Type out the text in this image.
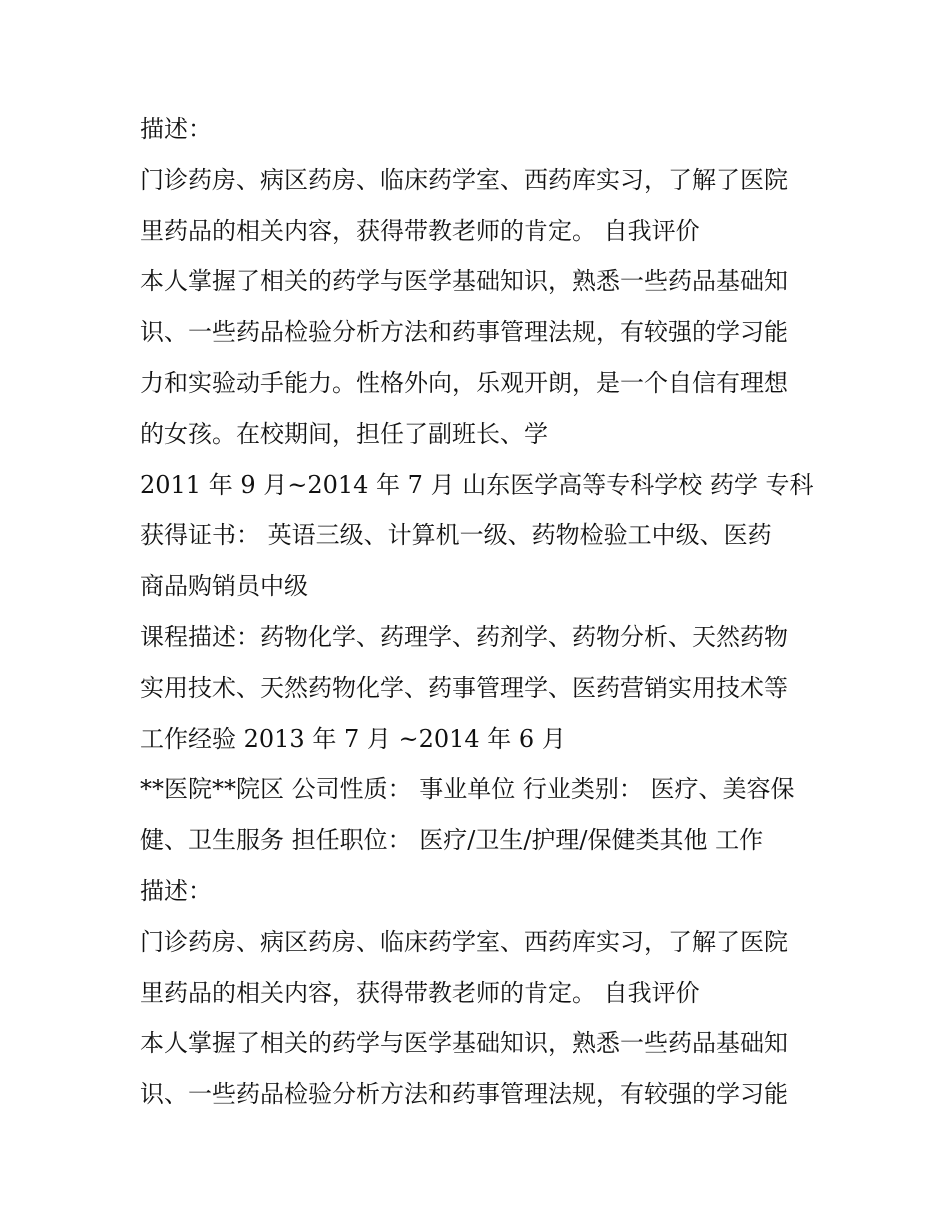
描述：
门诊药房、病区药房、临床药学室、西药库实习，了解了医院
里药品的相关内容，获得带教老师的肯定。 自我评价
本人掌握了相关的药学与医学基础知识，熟悉一些药品基础知
识、一些药品检验分析方法和药事管理法规，有较强的学习能
力和实验动手能力。性格外向，乐观开朗，是一个自信有理想
的女孩。在校期间，担任了副班长、学
2011 年 9 月~2014 年 7 月 山东医学高等专科学校 药学 专科
获得证书： 英语三级、计算机一级、药物检验工中级、医药
商品购销员中级
课程描述：药物化学、药理学、药剂学、药物分析、天然药物
实用技术、天然药物化学、药事管理学、医药营销实用技术等
工作经验 2013 年 7 月 ~2014 年 6 月
**医院**院区 公司性质： 事业单位 行业类别： 医疗、美容保
健、卫生服务 担任职位： 医疗/卫生/护理/保健类其他 工作
描述：
门诊药房、病区药房、临床药学室、西药库实习，了解了医院
里药品的相关内容，获得带教老师的肯定。 自我评价
本人掌握了相关的药学与医学基础知识，熟悉一些药品基础知
识、一些药品检验分析方法和药事管理法规，有较强的学习能
